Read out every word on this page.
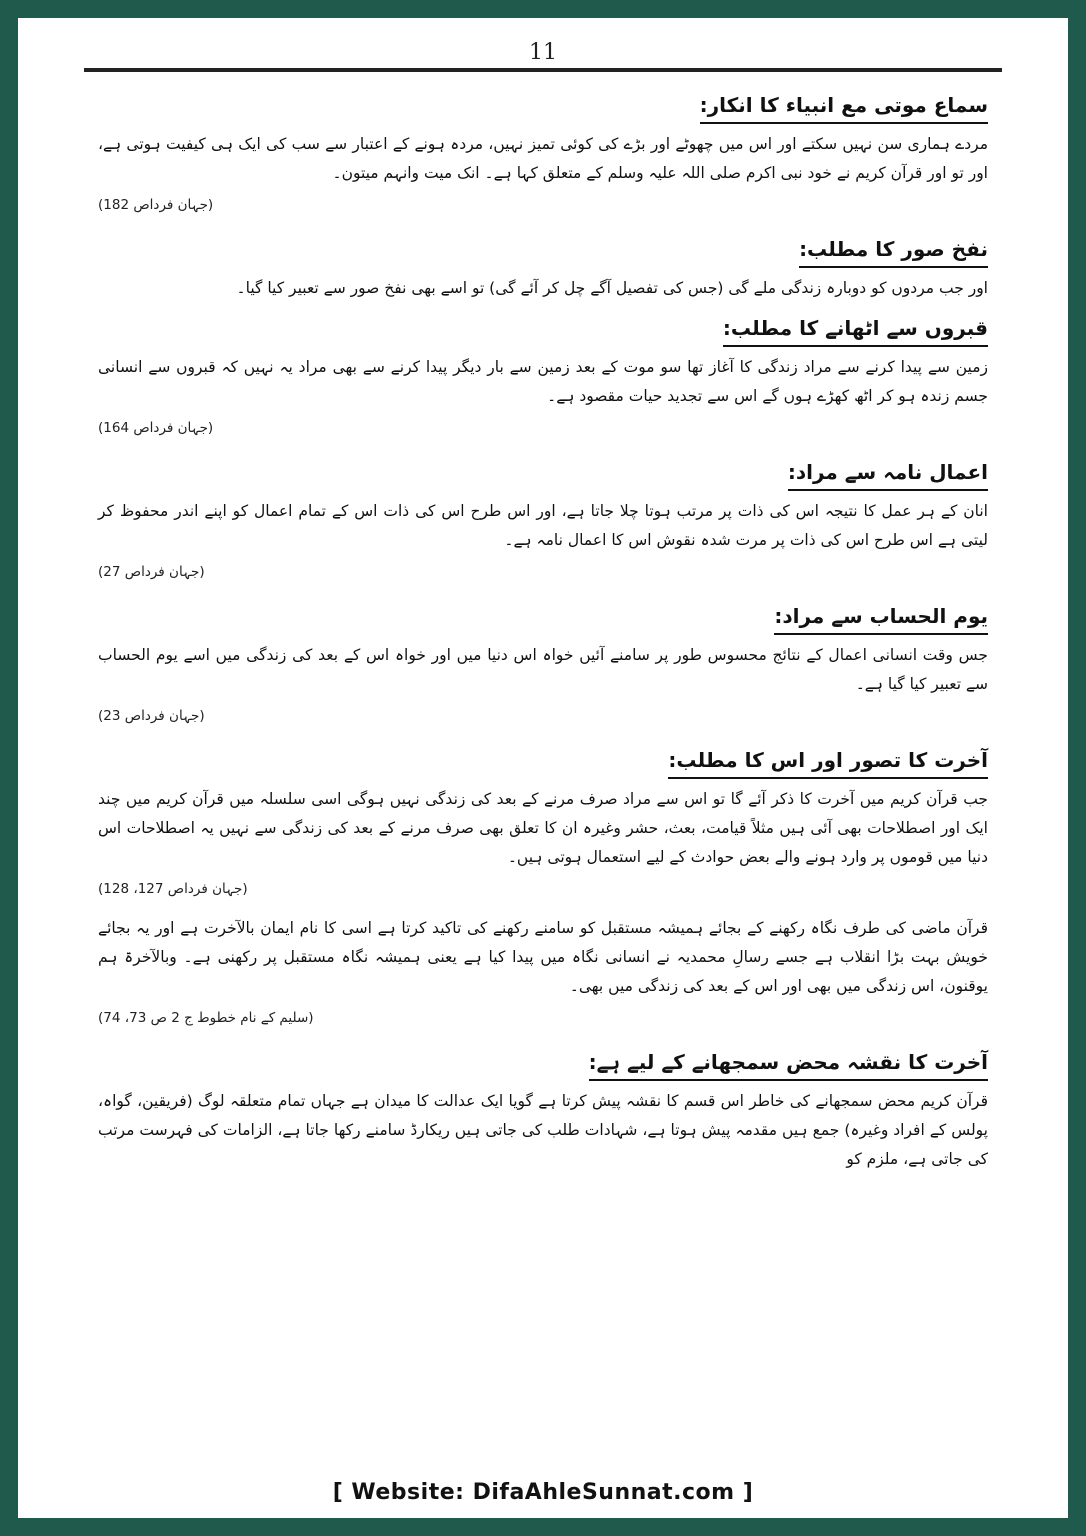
11
سماع موتی مع انبیاء کا انکار:

مردے ہماری سن نہیں سکتے اور اس میں چھوٹے اور بڑے کی کوئی تمیز نہیں، مردہ ہونے کے اعتبار سے سب کی ایک ہی کیفیت ہوتی ہے، اور تو اور قرآن کریم نے خود نبی اکرم صلی اللہ علیہ وسلم کے متعلق کہا ہے۔ انک میت وانہم میتون۔

(جہان فرداص 182)
نفخ صور کا مطلب:

اور جب مردوں کو دوبارہ زندگی ملے گی (جس کی تفصیل آگے چل کر آئے گی) تو اسے بھی نفخ صور سے تعبیر کیا گیا۔

قبروں سے اٹھانے کا مطلب:

زمین سے پیدا کرنے سے مراد زندگی کا آغاز تھا سو موت کے بعد زمین سے بار دیگر پیدا کرنے سے بھی مراد یہ نہیں کہ قبروں سے انسانی جسم زندہ ہو کر اٹھ کھڑے ہوں گے اس سے تجدید حیات مقصود ہے۔

(جہان فرداص 164)
اعمال نامہ سے مراد:

انان کے ہر عمل کا نتیجہ اس کی ذات پر مرتب ہوتا چلا جاتا ہے، اور اس طرح اس کی ذات اس کے تمام اعمال کو اپنے اندر محفوظ کر لیتی ہے اس طرح اس کی ذات پر مرت شدہ نقوش اس کا اعمال نامہ ہے۔

(جہان فرداص 27)
یوم الحساب سے مراد:

جس وقت انسانی اعمال کے نتائج محسوس طور پر سامنے آئیں خواہ اس دنیا میں اور خواہ اس کے بعد کی زندگی میں اسے یوم الحساب سے تعبیر کیا گیا ہے۔

(جہان فرداص 23)
آخرت کا تصور اور اس کا مطلب:

جب قرآن کریم میں آخرت کا ذکر آئے گا تو اس سے مراد صرف مرنے کے بعد کی زندگی نہیں ہوگی اسی سلسلہ میں قرآن کریم میں چند ایک اور اصطلاحات بھی آئی ہیں مثلاً قیامت، بعث، حشر وغیرہ ان کا تعلق بھی صرف مرنے کے بعد کی زندگی سے نہیں یہ اصطلاحات اس دنیا میں قوموں پر وارد ہونے والے بعض حوادث کے لیے استعمال ہوتی ہیں۔

(جہان فرداص 127، 128)

قرآن ماضی کی طرف نگاہ رکھنے کے بجائے ہمیشہ مستقبل کو سامنے رکھنے کی تاکید کرتا ہے اسی کا نام ایمان بالآخرت ہے اور یہ بجائے خویش بہت بڑا انقلاب ہے جسے رسالِ محمدیہ نے انسانی نگاہ میں پیدا کیا ہے یعنی ہمیشہ نگاہ مستقبل پر رکھنی ہے۔ وبالآخرۃ ہم یوقنون، اس زندگی میں بھی اور اس کے بعد کی زندگی میں بھی۔

(سلیم کے نام خطوط ج 2 ص 73، 74)
آخرت کا نقشہ محض سمجھانے کے لیے ہے:

قرآن کریم محض سمجھانے کی خاطر اس قسم کا نقشہ پیش کرتا ہے گویا ایک عدالت کا میدان ہے جہاں تمام متعلقہ لوگ (فریقین، گواہ، پولس کے افراد وغیرہ) جمع ہیں مقدمہ پیش ہوتا ہے، شہادات طلب کی جاتی ہیں ریکارڈ سامنے رکھا جاتا ہے، الزامات کی فہرست مرتب کی جاتی ہے، ملزم کو

[ Website: DifaAhleSunnat.com ]
